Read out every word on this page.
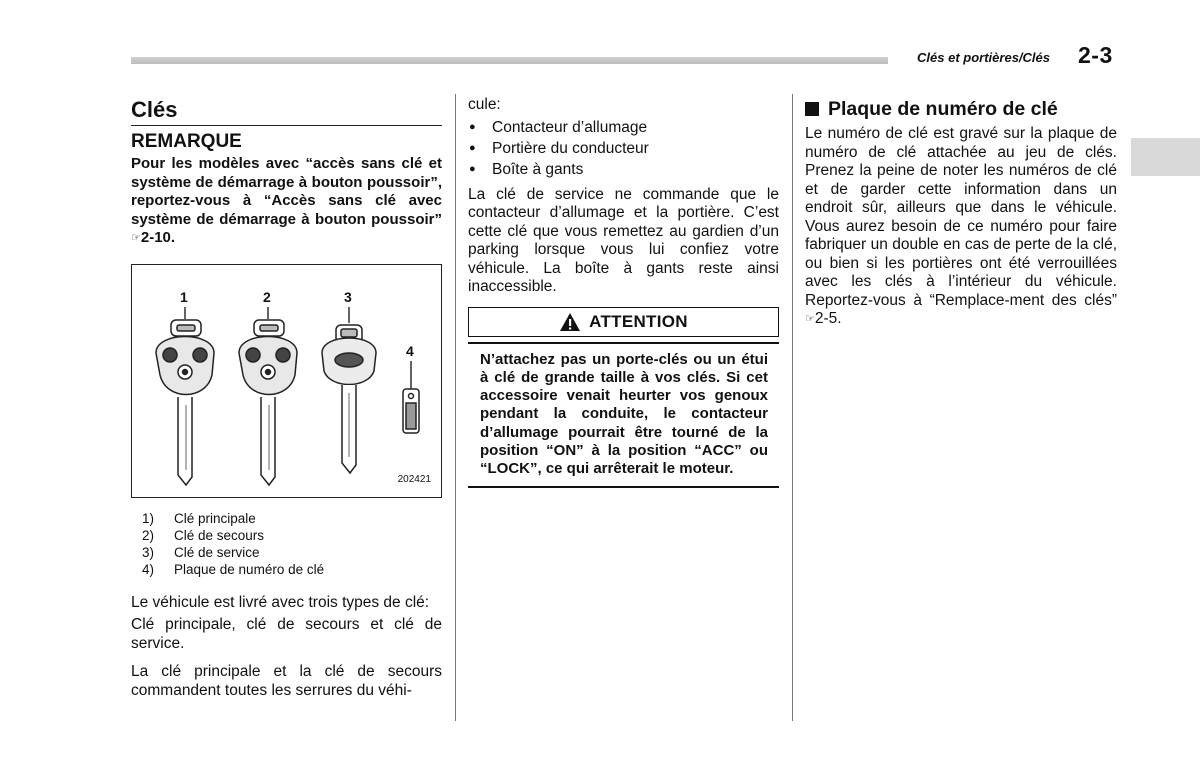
Clés et portières/Clés 2-3
Clés
REMARQUE
Pour les modèles avec “accès sans clé et système de démarrage à bouton poussoir”, reportez-vous à “Accès sans clé avec système de démarrage à bouton poussoir” ☞2-10.
1	2	3
4
202421
1)	Clé principale
2)	Clé de secours
3)	Clé de service
4)	Plaque de numéro de clé

Le véhicule est livré avec trois types de clé:

Clé principale, clé de secours et clé de service.

La clé principale et la clé de secours commandent toutes les serrures du véhi-

cule:

●	Contacteur d’allumage
●	Portière du conducteur
●	Boîte à gants

La clé de service ne commande que le contacteur d’allumage et la portière. C’est cette clé que vous remettez au gardien d’un parking lorsque vous lui confiez votre véhicule. La boîte à gants reste ainsi inaccessible.

ATTENTION
N’attachez pas un porte-clés ou un étui à clé de grande taille à vos clés. Si cet accessoire venait heurter vos genoux pendant la conduite, le contacteur d’allumage pourrait être tourné de la position “ON” à la position “ACC” ou “LOCK”, ce qui arrêterait le moteur.
Plaque de numéro de clé

Le numéro de clé est gravé sur la plaque de numéro de clé attachée au jeu de clés. Prenez la peine de noter les numéros de clé et de garder cette information dans un endroit sûr, ailleurs que dans le véhicule. Vous aurez besoin de ce numéro pour faire fabriquer un double en cas de perte de la clé, ou bien si les portières ont été verrouillées avec les clés à l’intérieur du véhicule. Reportez-vous à “Remplace-ment des clés” ☞2-5.
